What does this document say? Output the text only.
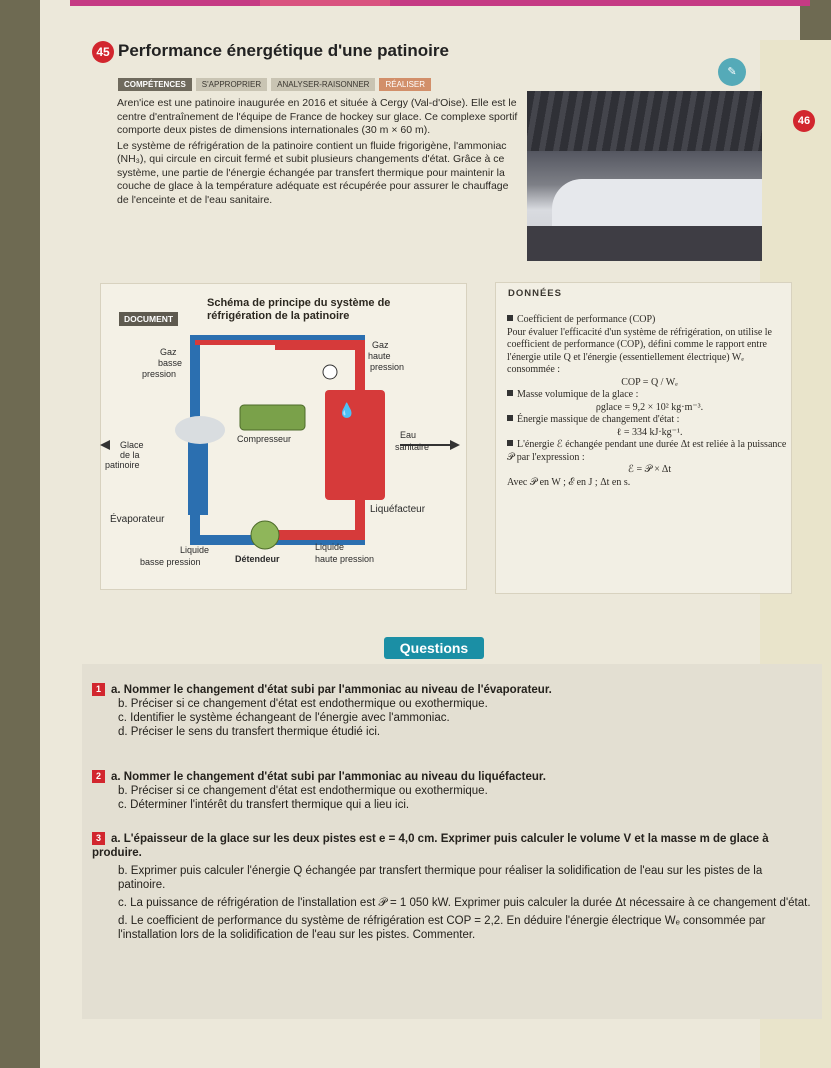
45 Performance énergétique d'une patinoire
✎
46
COMPÉTENCES	S'APPROPRIER	ANALYSER-RAISONNER	RÉALISER

Aren'ice est une patinoire inaugurée en 2016 et située à Cergy (Val-d'Oise). Elle est le centre d'entraînement de l'équipe de France de hockey sur glace. Ce complexe sportif comporte deux pistes de dimensions internationales (30 m × 60 m).

Le système de réfrigération de la patinoire contient un fluide frigorigène, l'ammoniac (NH₃), qui circule en circuit fermé et subit plusieurs changements d'état. Grâce à ce système, une partie de l'énergie échangée par transfert thermique pour maintenir la couche de glace à la température adéquate est récupérée pour assurer le chauffage de l'enceinte et de l'eau sanitaire.

DOCUMENT
Schéma de principe du système de réfrigération de la patinoire
💧
Gaz
basse
pression
Gaz
haute
pression
Glace
de la
patinoire
Compresseur	Eau
sanitaire
Évaporateur
Liquéfacteur
Liquide
basse pression	Détendeur
Liquide
haute pression
DONNÉES

Coefficient de performance (COP)

Pour évaluer l'efficacité d'un système de réfrigération, on utilise le coefficient de performance (COP), défini comme le rapport entre l'énergie utile Q et l'énergie (essentiellement électrique) Wₑ consommée :

COP = Q / Wₑ

Masse volumique de la glace :

ρglace = 9,2 × 10² kg·m⁻³.

Énergie massique de changement d'état :

ℓ = 334 kJ·kg⁻¹.

L'énergie ℰ échangée pendant une durée Δt est reliée à la puissance 𝒫 par l'expression :

ℰ = 𝒫 × Δt

Avec 𝒫 en W ; ℰ en J ; Δt en s.

Questions
1 a. Nommer le changement d'état subi par l'ammoniac au niveau de l'évaporateur.
b. Préciser si ce changement d'état est endothermique ou exothermique.
c. Identifier le système échangeant de l'énergie avec l'ammoniac.
d. Préciser le sens du transfert thermique étudié ici.
2 a. Nommer le changement d'état subi par l'ammoniac au niveau du liquéfacteur.
b. Préciser si ce changement d'état est endothermique ou exothermique.
c. Déterminer l'intérêt du transfert thermique qui a lieu ici.
3 a. L'épaisseur de la glace sur les deux pistes est e = 4,0 cm. Exprimer puis calculer le volume V et la masse m de glace à produire.
b. Exprimer puis calculer l'énergie Q échangée par transfert thermique pour réaliser la solidification de l'eau sur les pistes de la patinoire.
c. La puissance de réfrigération de l'installation est 𝒫 = 1 050 kW. Exprimer puis calculer la durée Δt nécessaire à ce changement d'état.
d. Le coefficient de performance du système de réfrigération est COP = 2,2. En déduire l'énergie électrique Wₑ consommée par l'installation lors de la solidification de l'eau sur les pistes. Commenter.
